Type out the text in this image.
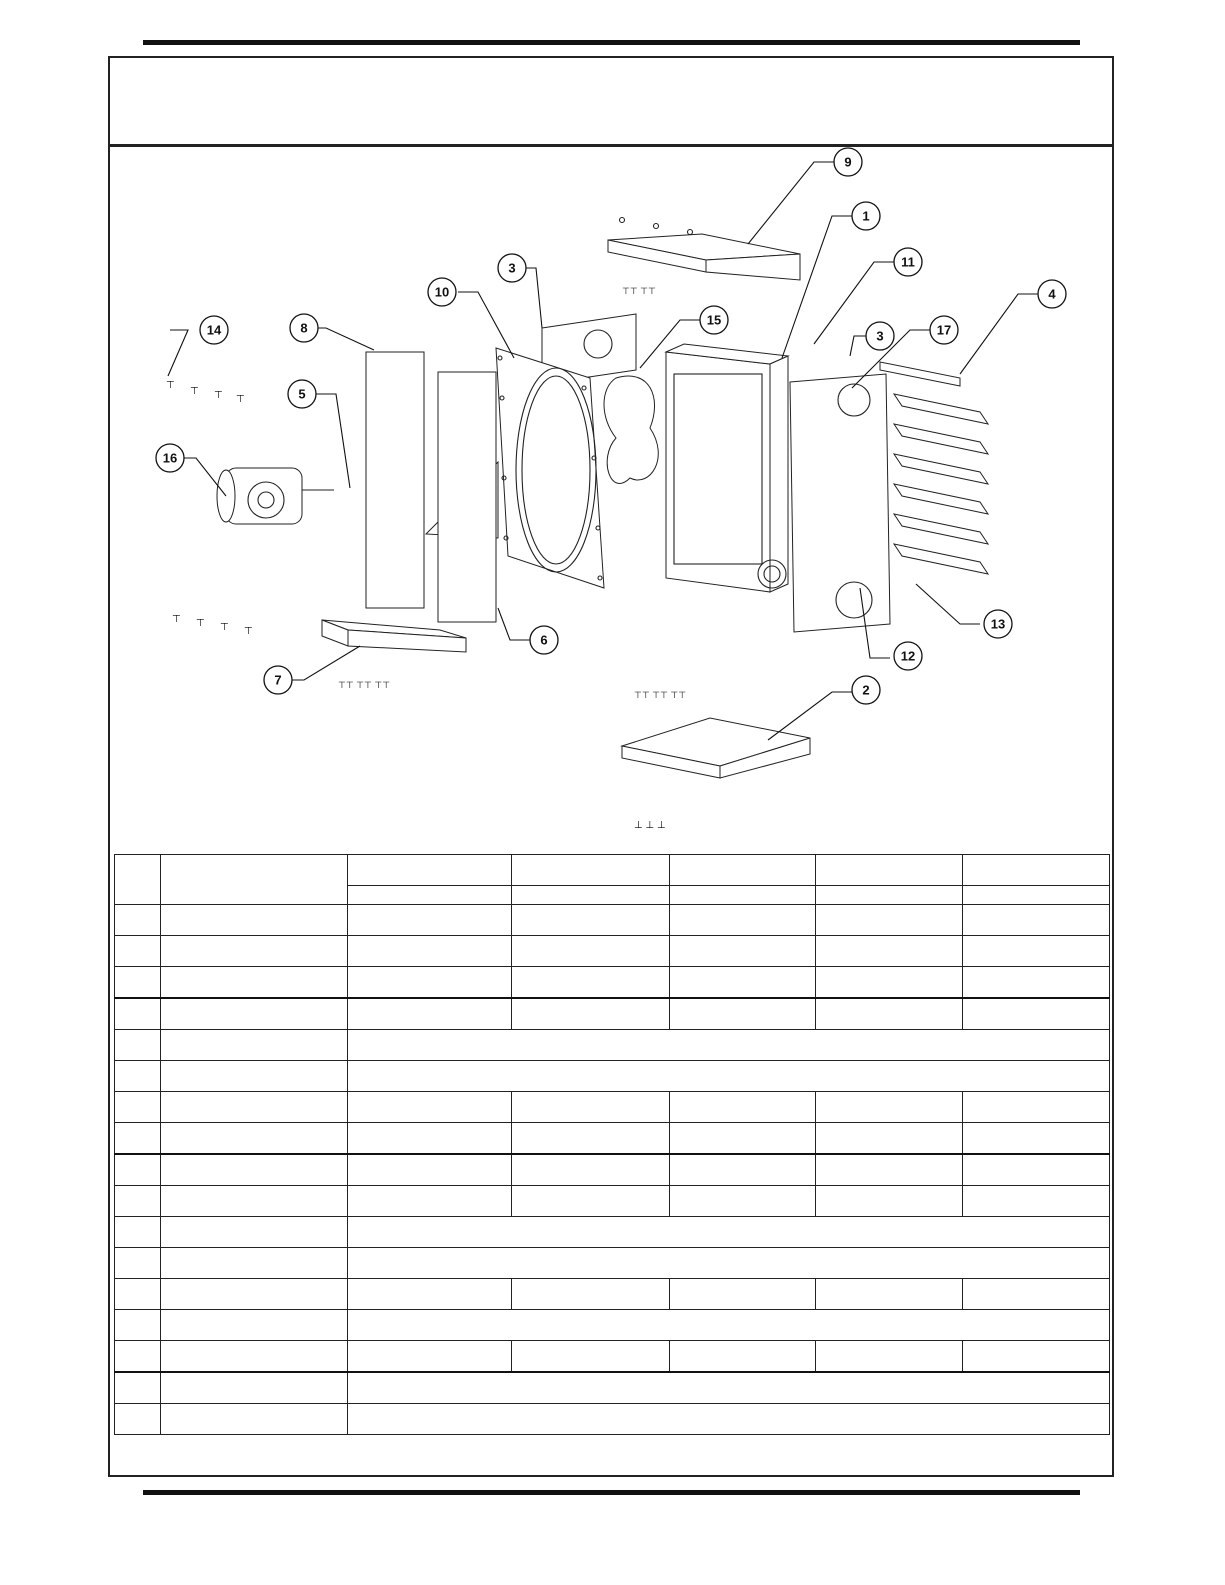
⊤
⊤ ⊤ ⊤
⊤ ⊤ ⊤ ⊤
⊤⊤ ⊤⊤ ⊤⊤
⊤⊤ ⊤⊤
⊤⊤ ⊤⊤ ⊤⊤
⊥ ⊥ ⊥
9
1
3
10
11
4
3	17
15
8
14
5
16
6
7
12
13
2
